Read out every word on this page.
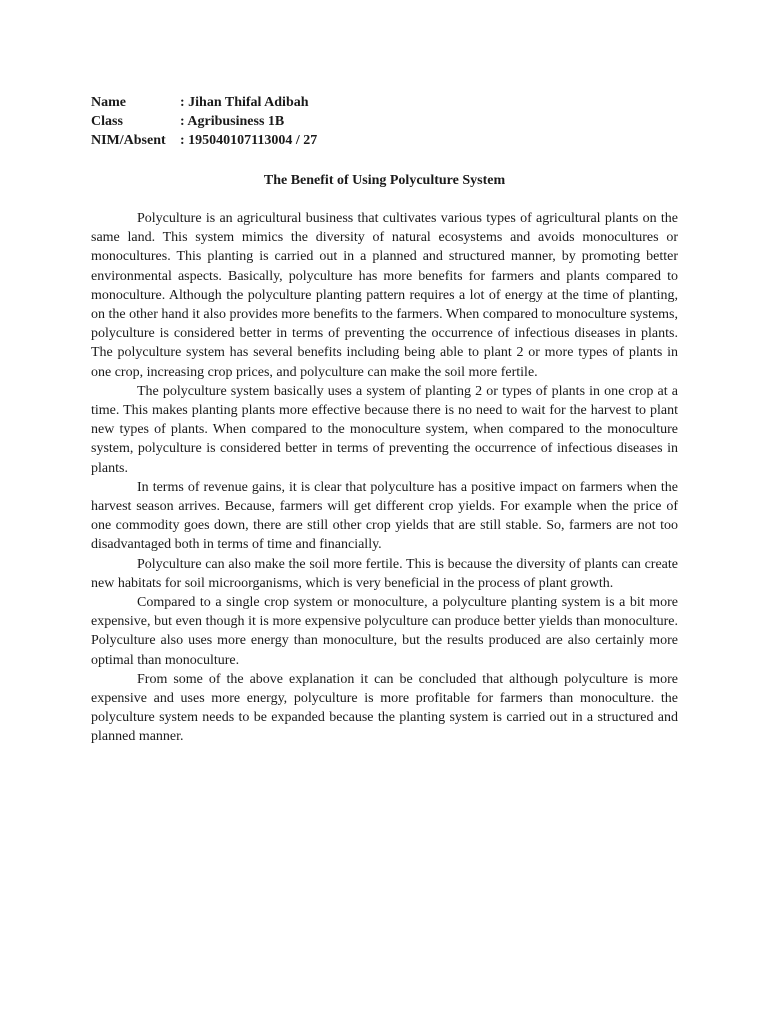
Name	: Jihan Thifal Adibah
Class	: Agribusiness 1B
NIM/Absent	: 195040107113004 / 27
The Benefit of Using Polyculture System

Polyculture is an agricultural business that cultivates various types of agricultural plants on the same land. This system mimics the diversity of natural ecosystems and avoids monocultures or monocultures. This planting is carried out in a planned and structured manner, by promoting better environmental aspects. Basically, polyculture has more benefits for farmers and plants compared to monoculture. Although the polyculture planting pattern requires a lot of energy at the time of planting, on the other hand it also provides more benefits to the farmers. When compared to monoculture systems, polyculture is considered better in terms of preventing the occurrence of infectious diseases in plants. The polyculture system has several benefits including being able to plant 2 or more types of plants in one crop, increasing crop prices, and polyculture can make the soil more fertile.

The polyculture system basically uses a system of planting 2 or types of plants in one crop at a time. This makes planting plants more effective because there is no need to wait for the harvest to plant new types of plants. When compared to the monoculture system, when compared to the monoculture system, polyculture is considered better in terms of preventing the occurrence of infectious diseases in plants.

In terms of revenue gains, it is clear that polyculture has a positive impact on farmers when the harvest season arrives. Because, farmers will get different crop yields. For example when the price of one commodity goes down, there are still other crop yields that are still stable. So, farmers are not too disadvantaged both in terms of time and financially.

Polyculture can also make the soil more fertile. This is because the diversity of plants can create new habitats for soil microorganisms, which is very beneficial in the process of plant growth.

Compared to a single crop system or monoculture, a polyculture planting system is a bit more expensive, but even though it is more expensive polyculture can produce better yields than monoculture. Polyculture also uses more energy than monoculture, but the results produced are also certainly more optimal than monoculture.

From some of the above explanation it can be concluded that although polyculture is more expensive and uses more energy, polyculture is more profitable for farmers than monoculture. the polyculture system needs to be expanded because the planting system is carried out in a structured and planned manner.
